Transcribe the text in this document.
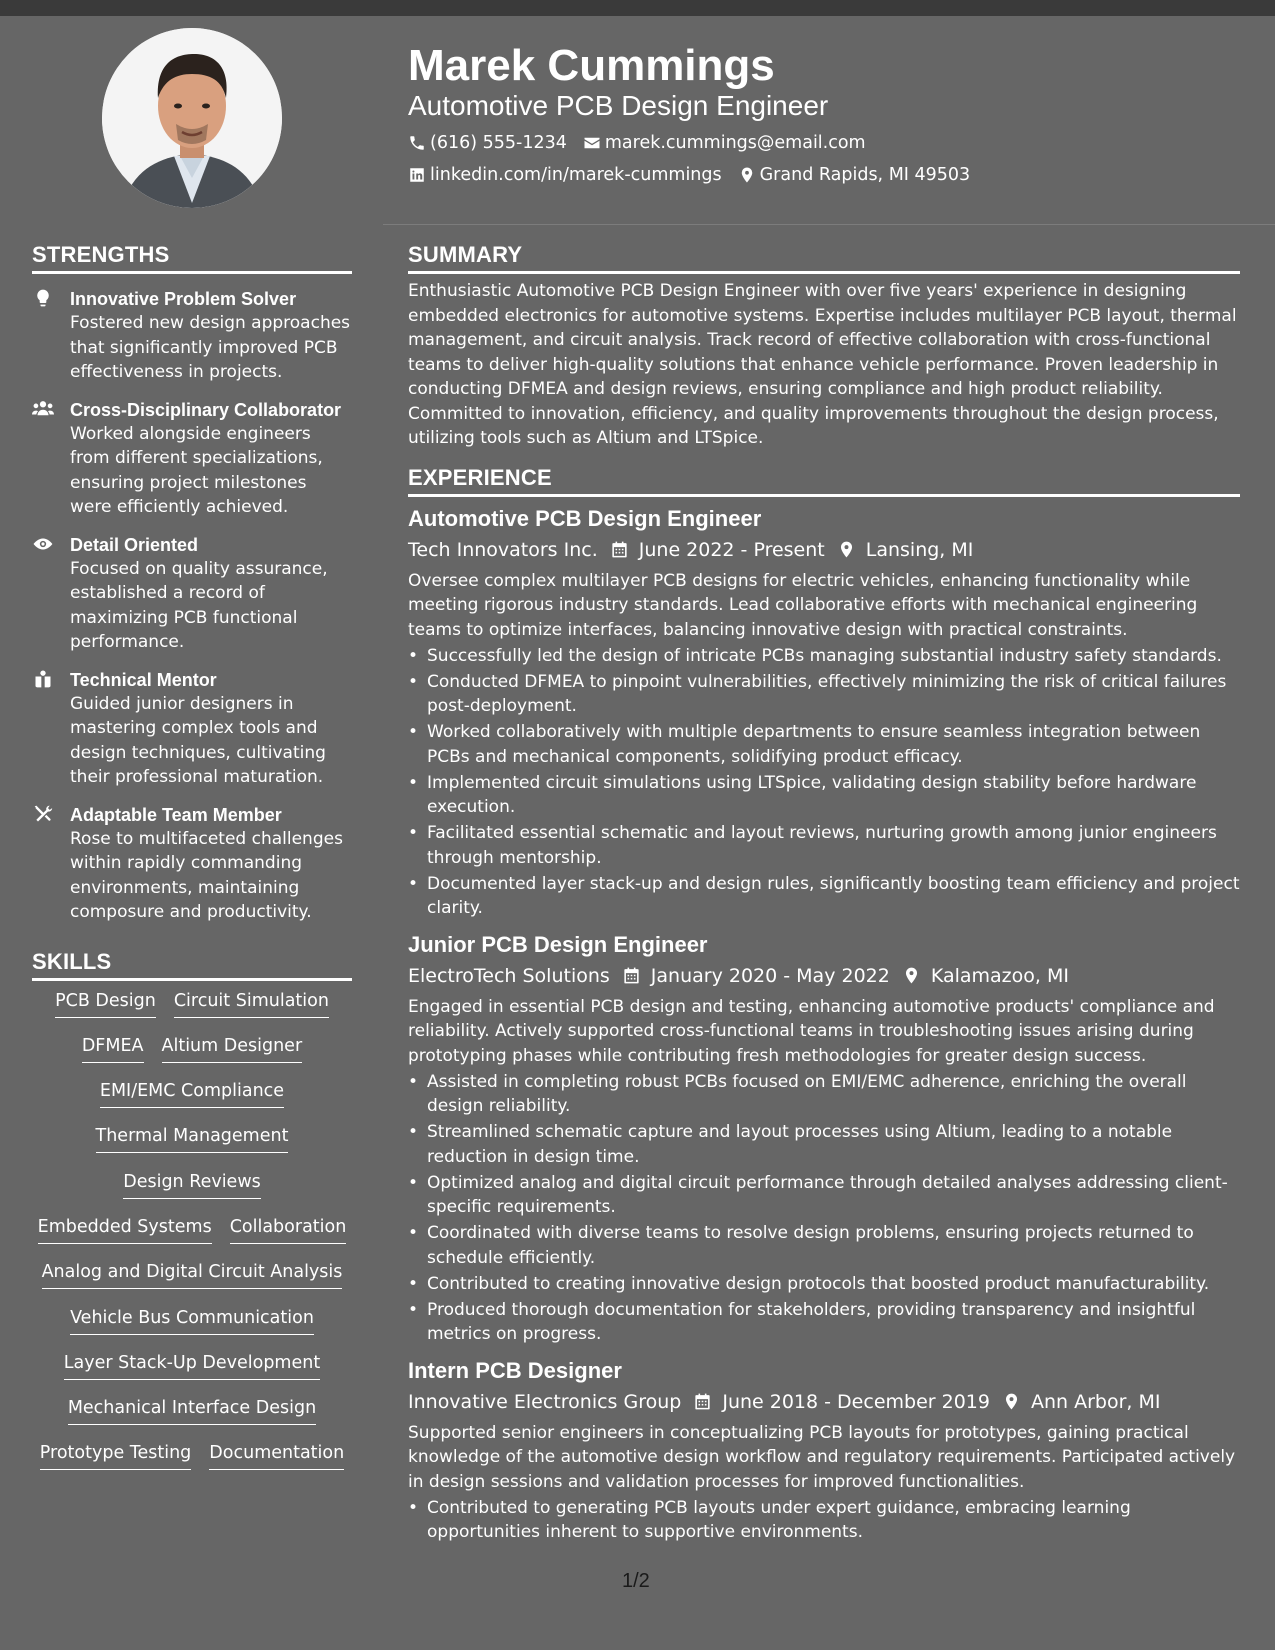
STRENGTHS
Innovative Problem Solver
Fostered new design approaches that significantly improved PCB effectiveness in projects.
Cross-Disciplinary Collaborator
Worked alongside engineers from different specializations, ensuring project milestones were efficiently achieved.
Detail Oriented
Focused on quality assurance, established a record of maximizing PCB functional performance.
Technical Mentor
Guided junior designers in mastering complex tools and design techniques, cultivating their professional maturation.
Adaptable Team Member
Rose to multifaceted challenges within rapidly commanding environments, maintaining composure and productivity.
SKILLS
PCB Design Circuit Simulation
DFMEA Altium Designer
EMI/EMC Compliance
Thermal Management
Design Reviews
Embedded Systems Collaboration
Analog and Digital Circuit Analysis
Vehicle Bus Communication
Layer Stack-Up Development
Mechanical Interface Design
Prototype Testing Documentation
Marek Cummings
Automotive PCB Design Engineer
(616) 555-1234 marek.cummings@email.com
linkedin.com/in/marek-cummings Grand Rapids, MI 49503
SUMMARY
Enthusiastic Automotive PCB Design Engineer with over five years' experience in designing embedded electronics for automotive systems. Expertise includes multilayer PCB layout, thermal management, and circuit analysis. Track record of effective collaboration with cross-functional teams to deliver high-quality solutions that enhance vehicle performance. Proven leadership in conducting DFMEA and design reviews, ensuring compliance and high product reliability. Committed to innovation, efficiency, and quality improvements throughout the design process, utilizing tools such as Altium and LTSpice.
EXPERIENCE
Automotive PCB Design Engineer
Tech Innovators Inc. June 2022 - Present Lansing, MI
Oversee complex multilayer PCB designs for electric vehicles, enhancing functionality while meeting rigorous industry standards. Lead collaborative efforts with mechanical engineering teams to optimize interfaces, balancing innovative design with practical constraints.
• Successfully led the design of intricate PCBs managing substantial industry safety standards.
• Conducted DFMEA to pinpoint vulnerabilities, effectively minimizing the risk of critical failures post-deployment.
• Worked collaboratively with multiple departments to ensure seamless integration between PCBs and mechanical components, solidifying product efficacy.
• Implemented circuit simulations using LTSpice, validating design stability before hardware execution.
• Facilitated essential schematic and layout reviews, nurturing growth among junior engineers through mentorship.
• Documented layer stack-up and design rules, significantly boosting team efficiency and project clarity.
Junior PCB Design Engineer
ElectroTech Solutions January 2020 - May 2022 Kalamazoo, MI
Engaged in essential PCB design and testing, enhancing automotive products' compliance and reliability. Actively supported cross-functional teams in troubleshooting issues arising during prototyping phases while contributing fresh methodologies for greater design success.
• Assisted in completing robust PCBs focused on EMI/EMC adherence, enriching the overall design reliability.
• Streamlined schematic capture and layout processes using Altium, leading to a notable reduction in design time.
• Optimized analog and digital circuit performance through detailed analyses addressing client-specific requirements.
• Coordinated with diverse teams to resolve design problems, ensuring projects returned to schedule efficiently.
• Contributed to creating innovative design protocols that boosted product manufacturability.
• Produced thorough documentation for stakeholders, providing transparency and insightful metrics on progress.
Intern PCB Designer
Innovative Electronics Group June 2018 - December 2019 Ann Arbor, MI
Supported senior engineers in conceptualizing PCB layouts for prototypes, gaining practical knowledge of the automotive design workflow and regulatory requirements. Participated actively in design sessions and validation processes for improved functionalities.
• Contributed to generating PCB layouts under expert guidance, embracing learning opportunities inherent to supportive environments.
1/2
